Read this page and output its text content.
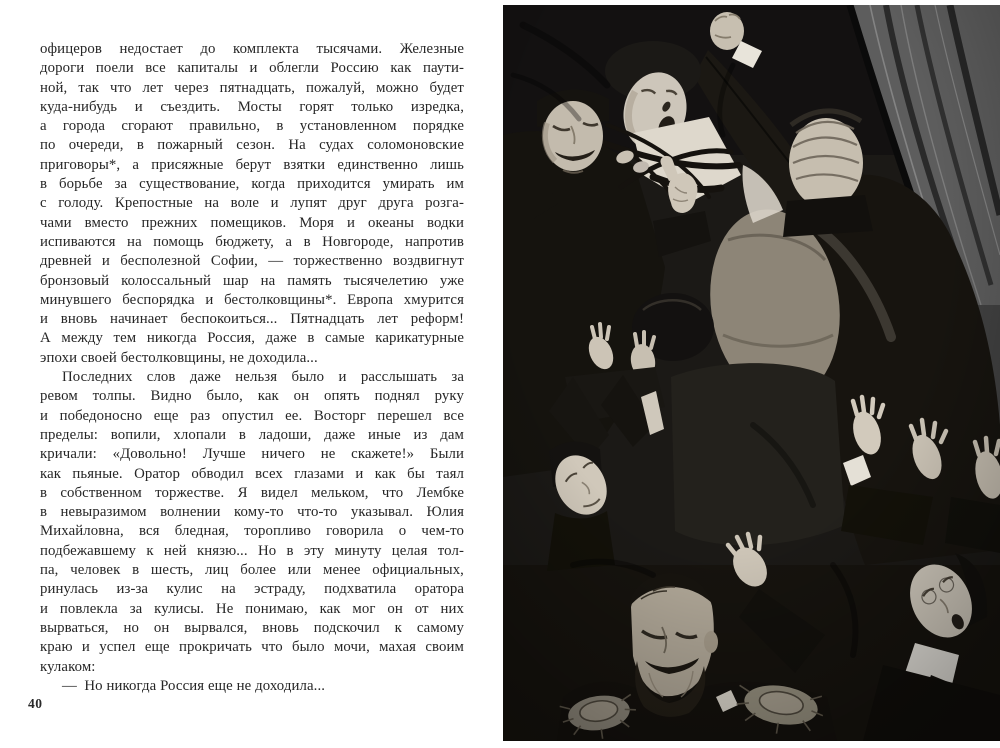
офицеров недостает до комплекта тысячами. Железные
дороги поели все капиталы и облегли Россию как паути-
ной, так что лет через пятнадцать, пожалуй, можно будет
куда-нибудь и съездить. Мосты горят только изредка,
а города сгорают правильно, в установленном порядке
по очереди, в пожарный сезон. На судах соломоновские
приговоры*, а присяжные берут взятки единственно лишь
в борьбе за существование, когда приходится умирать им
с голоду. Крепостные на воле и лупят друг друга розга-
чами вместо прежних помещиков. Моря и океаны водки
испиваются на помощь бюджету, а в Новгороде, напротив
древней и бесполезной Софии, — торжественно воздвигнут
бронзовый колоссальный шар на память тысячелетию уже
минувшего беспорядка и бестолковщины*. Европа хмурится
и вновь начинает беспокоиться... Пятнадцать лет реформ!
А между тем никогда Россия, даже в самые карикатурные
эпохи своей бестолковщины, не доходила...
Последних слов даже нельзя было и расслышать за
ревом толпы. Видно было, как он опять поднял руку
и победоносно еще раз опустил ее. Восторг перешел все
пределы: вопили, хлопали в ладоши, даже иные из дам
кричали: «Довольно! Лучше ничего не скажете!» Были
как пьяные. Оратор обводил всех глазами и как бы таял
в собственном торжестве. Я видел мельком, что Лембке
в невыразимом волнении кому-то что-то указывал. Юлия
Михайловна, вся бледная, торопливо говорила о чем-то
подбежавшему к ней князю... Но в эту минуту целая тол-
па, человек в шесть, лиц более или менее официальных,
ринулась из-за кулис на эстраду, подхватила оратора
и повлекла за кулисы. Не понимаю, как мог он от них
вырваться, но он вырвался, вновь подскочил к самому
краю и успел еще прокричать что было мочи, махая своим
кулаком:
— Но никогда Россия еще не доходила...
40
